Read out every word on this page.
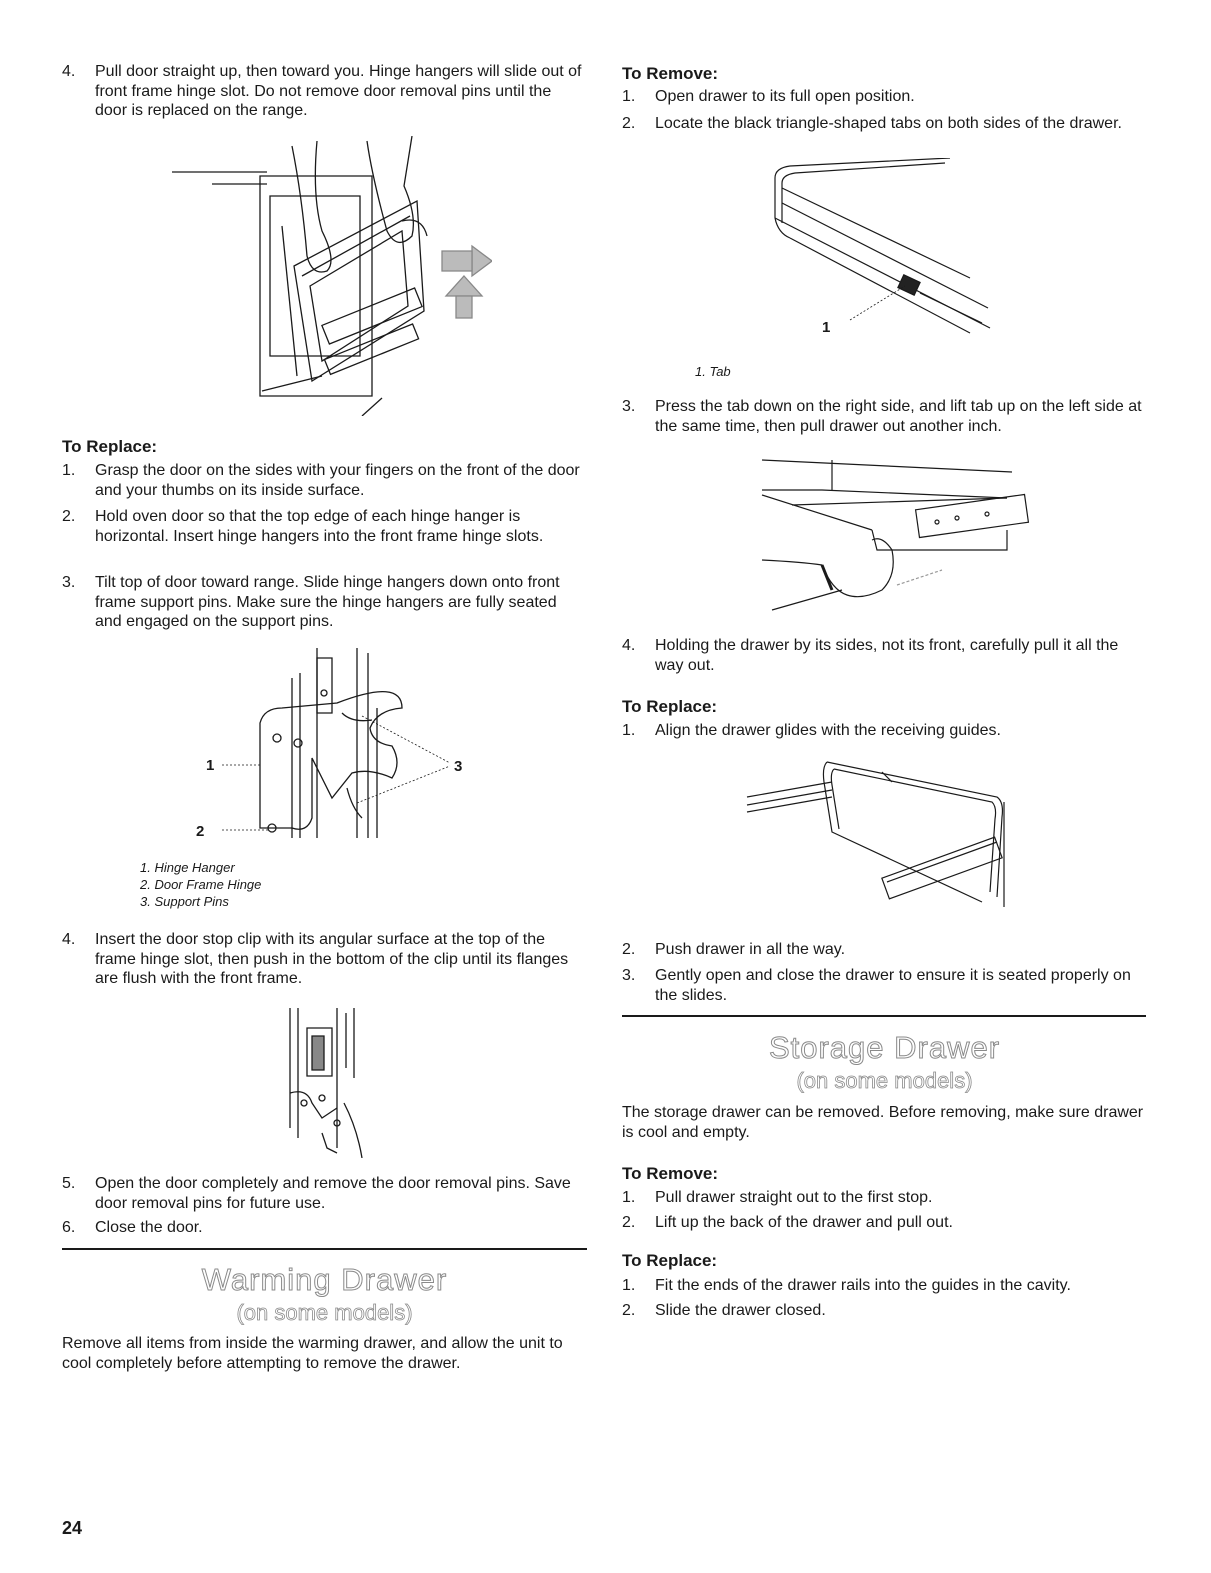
4. Pull door straight up, then toward you. Hinge hangers will slide out of front frame hinge slot. Do not remove door removal pins until the door is replaced on the range.
To Replace:
1. Grasp the door on the sides with your fingers on the front of the door and your thumbs on its inside surface.
2. Hold oven door so that the top edge of each hinge hanger is horizontal. Insert hinge hangers into the front frame hinge slots.
3. Tilt top of door toward range. Slide hinge hangers down onto front frame support pins. Make sure the hinge hangers are fully seated and engaged on the support pins.
1
2
3
1. Hinge Hanger
2. Door Frame Hinge
3. Support Pins
4. Insert the door stop clip with its angular surface at the top of the frame hinge slot, then push in the bottom of the clip until its flanges are flush with the front frame.
5. Open the door completely and remove the door removal pins. Save door removal pins for future use.
6. Close the door.
Warming Drawer
(on some models)
Remove all items from inside the warming drawer, and allow the unit to cool completely before attempting to remove the drawer.
To Remove:
1. Open drawer to its full open position.
2. Locate the black triangle-shaped tabs on both sides of the drawer.
1
1. Tab
3. Press the tab down on the right side, and lift tab up on the left side at the same time, then pull drawer out another inch.
4. Holding the drawer by its sides, not its front, carefully pull it all the way out.
To Replace:
1. Align the drawer glides with the receiving guides.
2. Push drawer in all the way.
3. Gently open and close the drawer to ensure it is seated properly on the slides.
Storage Drawer
(on some models)
The storage drawer can be removed. Before removing, make sure drawer is cool and empty.
To Remove:
1. Pull drawer straight out to the first stop.
2. Lift up the back of the drawer and pull out.
To Replace:
1. Fit the ends of the drawer rails into the guides in the cavity.
2. Slide the drawer closed.
24
